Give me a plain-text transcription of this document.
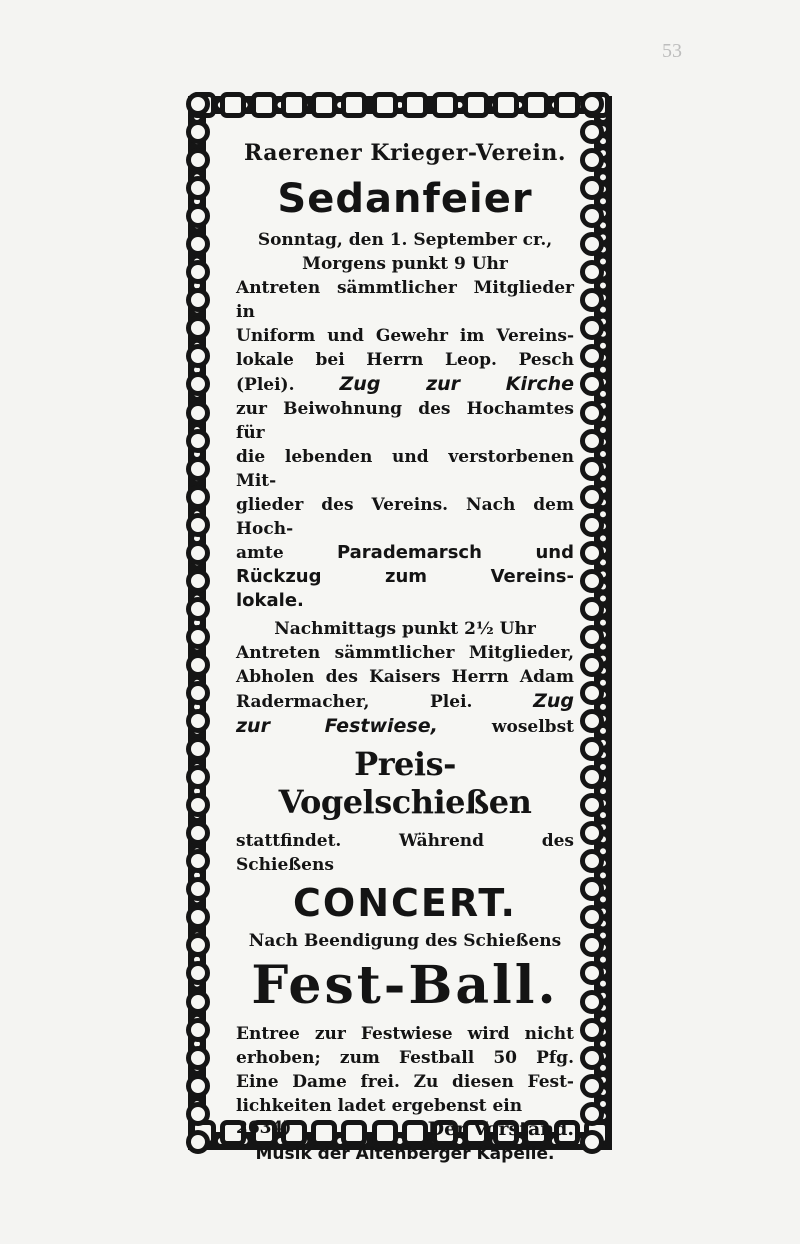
53

Raerener Krieger-Verein.

Sedanfeier

Sonntag, den 1. September cr.,

Morgens punkt 9 Uhr

Antreten sämmtlicher Mitglieder in

Uniform und Gewehr im Vereins-

lokale bei Herrn Leop. Pesch

(Plei). Zug zur Kirche

zur Beiwohnung des Hochamtes für

die lebenden und verstorbenen Mit-

glieder des Vereins. Nach dem Hoch-

amte	Parademarsch und

Rückzug zum Vereins-

lokale.

Nachmittags punkt 2½ Uhr

Antreten sämmtlicher Mitglieder,

Abholen des Kaisers Herrn Adam

Radermacher, Plei.	Zug

zur Festwiese,	woselbst

Preis-Vogelschießen

stattfindet. Während des Schießens

CONCERT.

Nach Beendigung des Schießens

Fest-Ball.

Entree zur Festwiese wird nicht

erhoben; zum Festball 50 Pfg.

Eine Dame frei. Zu diesen Fest-

lichkeiten ladet ergebenst ein

2634)	Der Vorstand.

Musik der Altenberger Kapelle.
